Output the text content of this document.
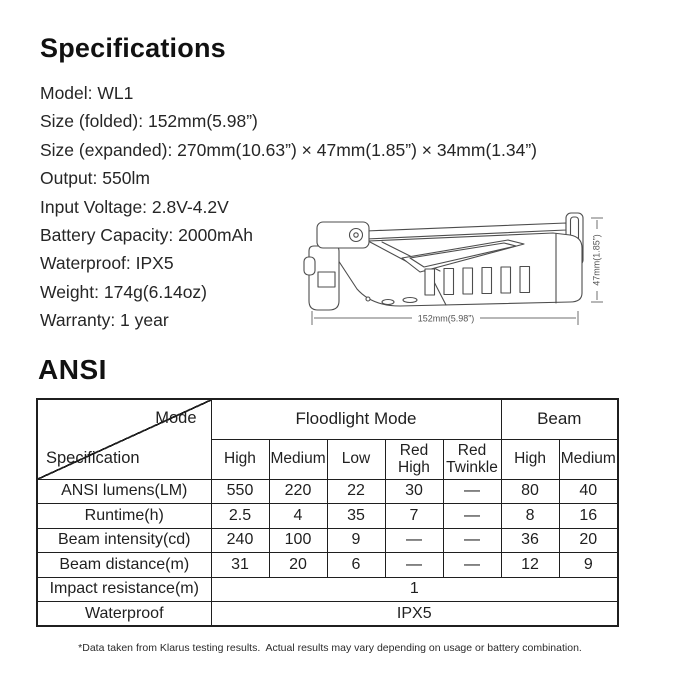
Specifications
Model: WL1
Size (folded): 152mm(5.98”)
Size (expanded): 270mm(10.63”) × 47mm(1.85”) × 34mm(1.34”)
Output: 550lm
Input Voltage: 2.8V-4.2V
Battery Capacity: 2000mAh
Waterproof: IPX5
Weight: 174g(6.14oz)
Warranty: 1 year	152mm(5.98”)
47mm(1.85”)
ANSI
Mode
Specification	Floodlight Mode					Beam	
	High	Medium	Low	Red High	Red Twinkle	High	Medium
ANSI lumens(LM)	550	220	22	30	—	80	40
Runtime(h)	2.5	4	35	7	—	8	16
Beam intensity(cd)	240	100	9	—	—	36	20
Beam distance(m)	31	20	6	—	—	12	9
Impact resistance(m)	1						
Waterproof	IPX5						
*Data taken from Klarus testing results.  Actual results may vary depending on usage or battery combination.
